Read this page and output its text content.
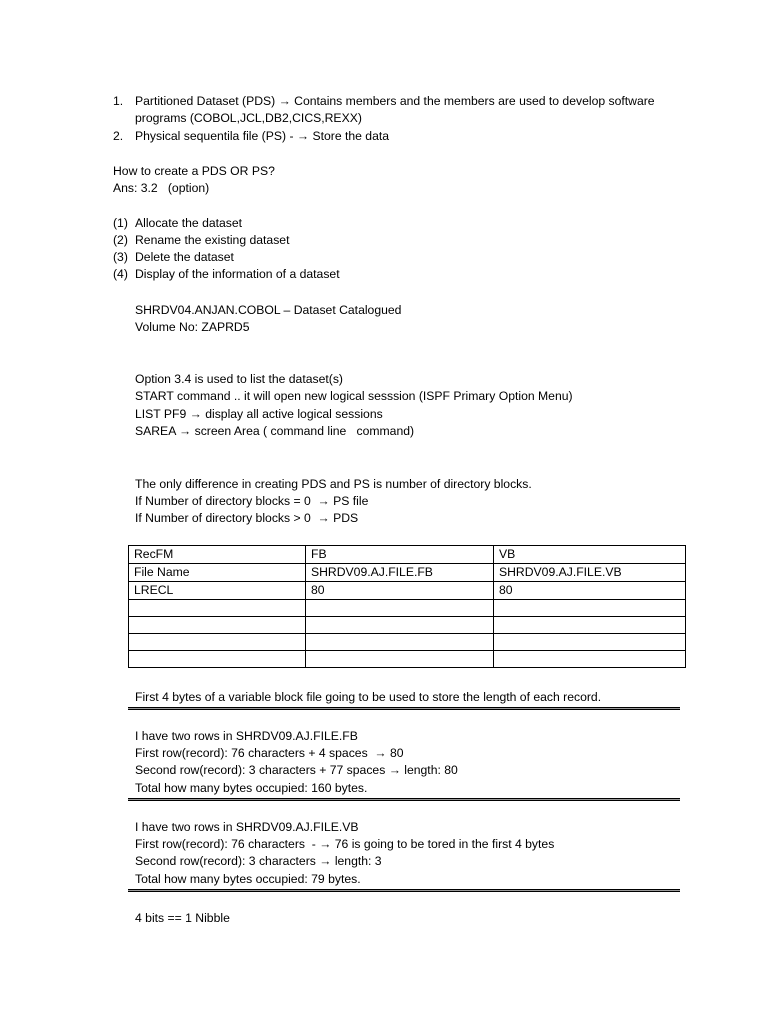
1. Partitioned Dataset (PDS) → Contains members and the members are used to develop software
programs (COBOL,JCL,DB2,CICS,REXX)
2. Physical sequentila file (PS) - → Store the data
How to create a PDS OR PS?
Ans: 3.2   (option)
(1) Allocate the dataset
(2) Rename the existing dataset
(3) Delete the dataset
(4) Display of the information of a dataset
SHRDV04.ANJAN.COBOL – Dataset Catalogued
Volume No: ZAPRD5
Option 3.4 is used to list the dataset(s)
START command .. it will open new logical sesssion (ISPF Primary Option Menu)
LIST PF9 → display all active logical sessions
SAREA → screen Area ( command line   command)
The only difference in creating PDS and PS is number of directory blocks.
If Number of directory blocks = 0  → PS file
If Number of directory blocks > 0  → PDS
RecFM	FB	VB
File Name	SHRDV09.AJ.FILE.FB	SHRDV09.AJ.FILE.VB
LRECL	80	80

First 4 bytes of a variable block file going to be used to store the length of each record.
I have two rows in SHRDV09.AJ.FILE.FB
First row(record): 76 characters + 4 spaces  → 80
Second row(record): 3 characters + 77 spaces → length: 80
Total how many bytes occupied: 160 bytes.
I have two rows in SHRDV09.AJ.FILE.VB
First row(record): 76 characters  - → 76 is going to be tored in the first 4 bytes
Second row(record): 3 characters → length: 3
Total how many bytes occupied: 79 bytes.
4 bits == 1 Nibble
